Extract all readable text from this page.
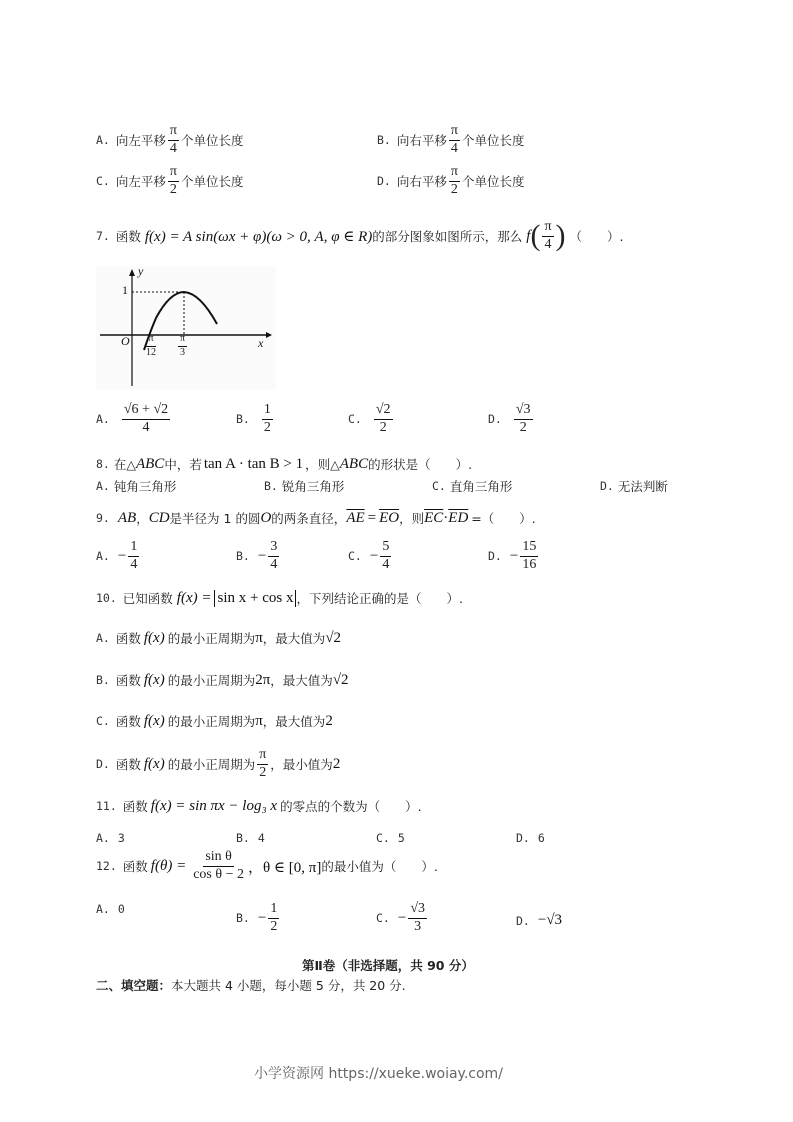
A. 向左平移 $\frac{\pi}{4}$ 个单位长度	B. 向右平移 $\frac{\pi}{4}$ 个单位长度
C. 向左平移 $\frac{\pi}{2}$ 个单位长度	D. 向右平移 $\frac{\pi}{2}$ 个单位长度
7. 函数 f(x) = A sin(ωx + φ)(ω > 0, A, φ ∈ R) 的部分图象如图所示，那么 f ( $\frac{\pi}{4}$ ) （　　）.
y
1
O	x
$\frac{\pi}{12} \frac{\pi}{3}$
A. $\frac{√6 + √2}{4}$	B. $\frac{1}{2}$	C. $\frac{√2}{2}$	D. $\frac{√3}{2}$
8. 在△ ABC 中，若 tan A · tan B > 1 ，则△ ABC 的形状是（　　）.
A. 钝角三角形	B. 锐角三角形	C. 直角三角形	D. 无法判断
9. AB ， CD 是半径为 1 的圆 O 的两条直径， $\overline{AE} = \overline{EO}$ ，则 $\overline{EC} \cdot \overline{ED}$ =（　　）.
A. − $\frac{1}{4}$	B. − $\frac{3}{4}$	C. − $\frac{5}{4}$	D. − $\frac{15}{16}$
10. 已知函数 f(x) = sin x + cos x ，下列结论正确的是（　　）.
A. 函数 f(x) 的最小正周期为 π ，最大值为 √2
B. 函数 f(x) 的最小正周期为 2π ，最大值为 √2
C. 函数 f(x) 的最小正周期为 π ，最大值为 2
D. 函数 f(x) 的最小正周期为 $\frac{\pi}{2}$ ，最小值为 2
11. 函数 f(x) = sin πx − log₃ x 的零点的个数为（　　）.
A. 3	B. 4	C. 5	D. 6
12. 函数 $f(\theta) = \frac{\text{sin θ}}{\text{cos θ − 2}}$ ，θ ∈ [0, π] 的最小值为（　　）.
A. 0
B. − $\frac{1}{2}$	C. − $\frac{√3}{3}$	D. −√3
第Ⅱ卷（非选择题，共 90 分）
二、填空题： 本大题共 4 小题，每小题 5 分，共 20 分.
小学资源网 https://xueke.woiay.com/
